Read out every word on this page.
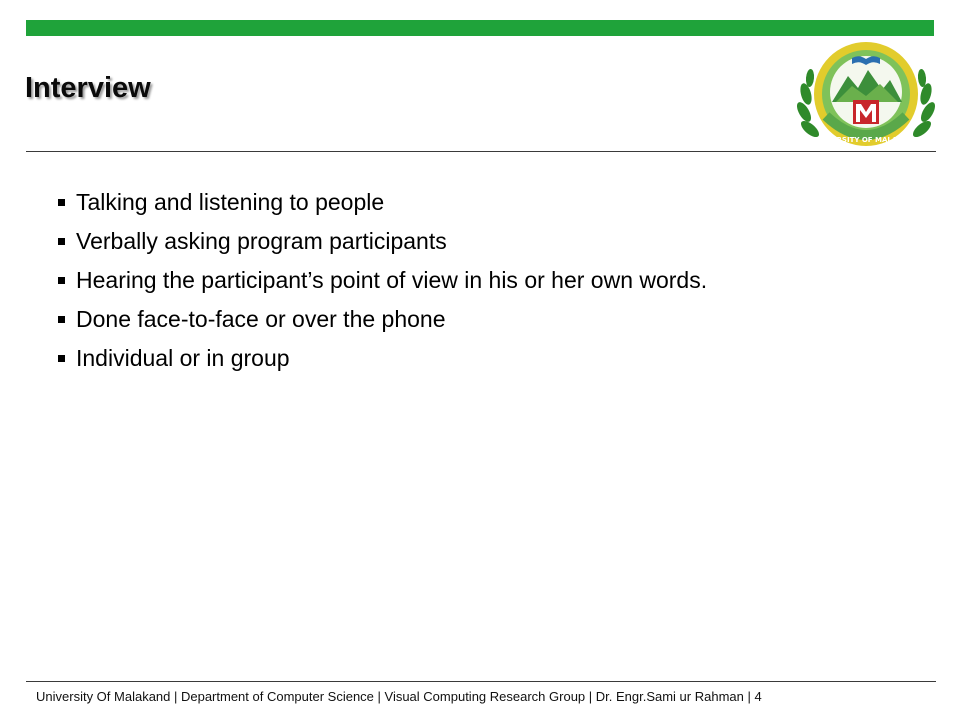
Interview
UNIVERSITY OF MALAKAND
Talking and listening to people
Verbally asking program participants
Hearing the participant’s point of view in his or her own words.
Done face-to-face or over the phone
Individual or in group
University Of Malakand | Department of Computer Science | Visual Computing Research Group | Dr. Engr.Sami ur Rahman | 4
